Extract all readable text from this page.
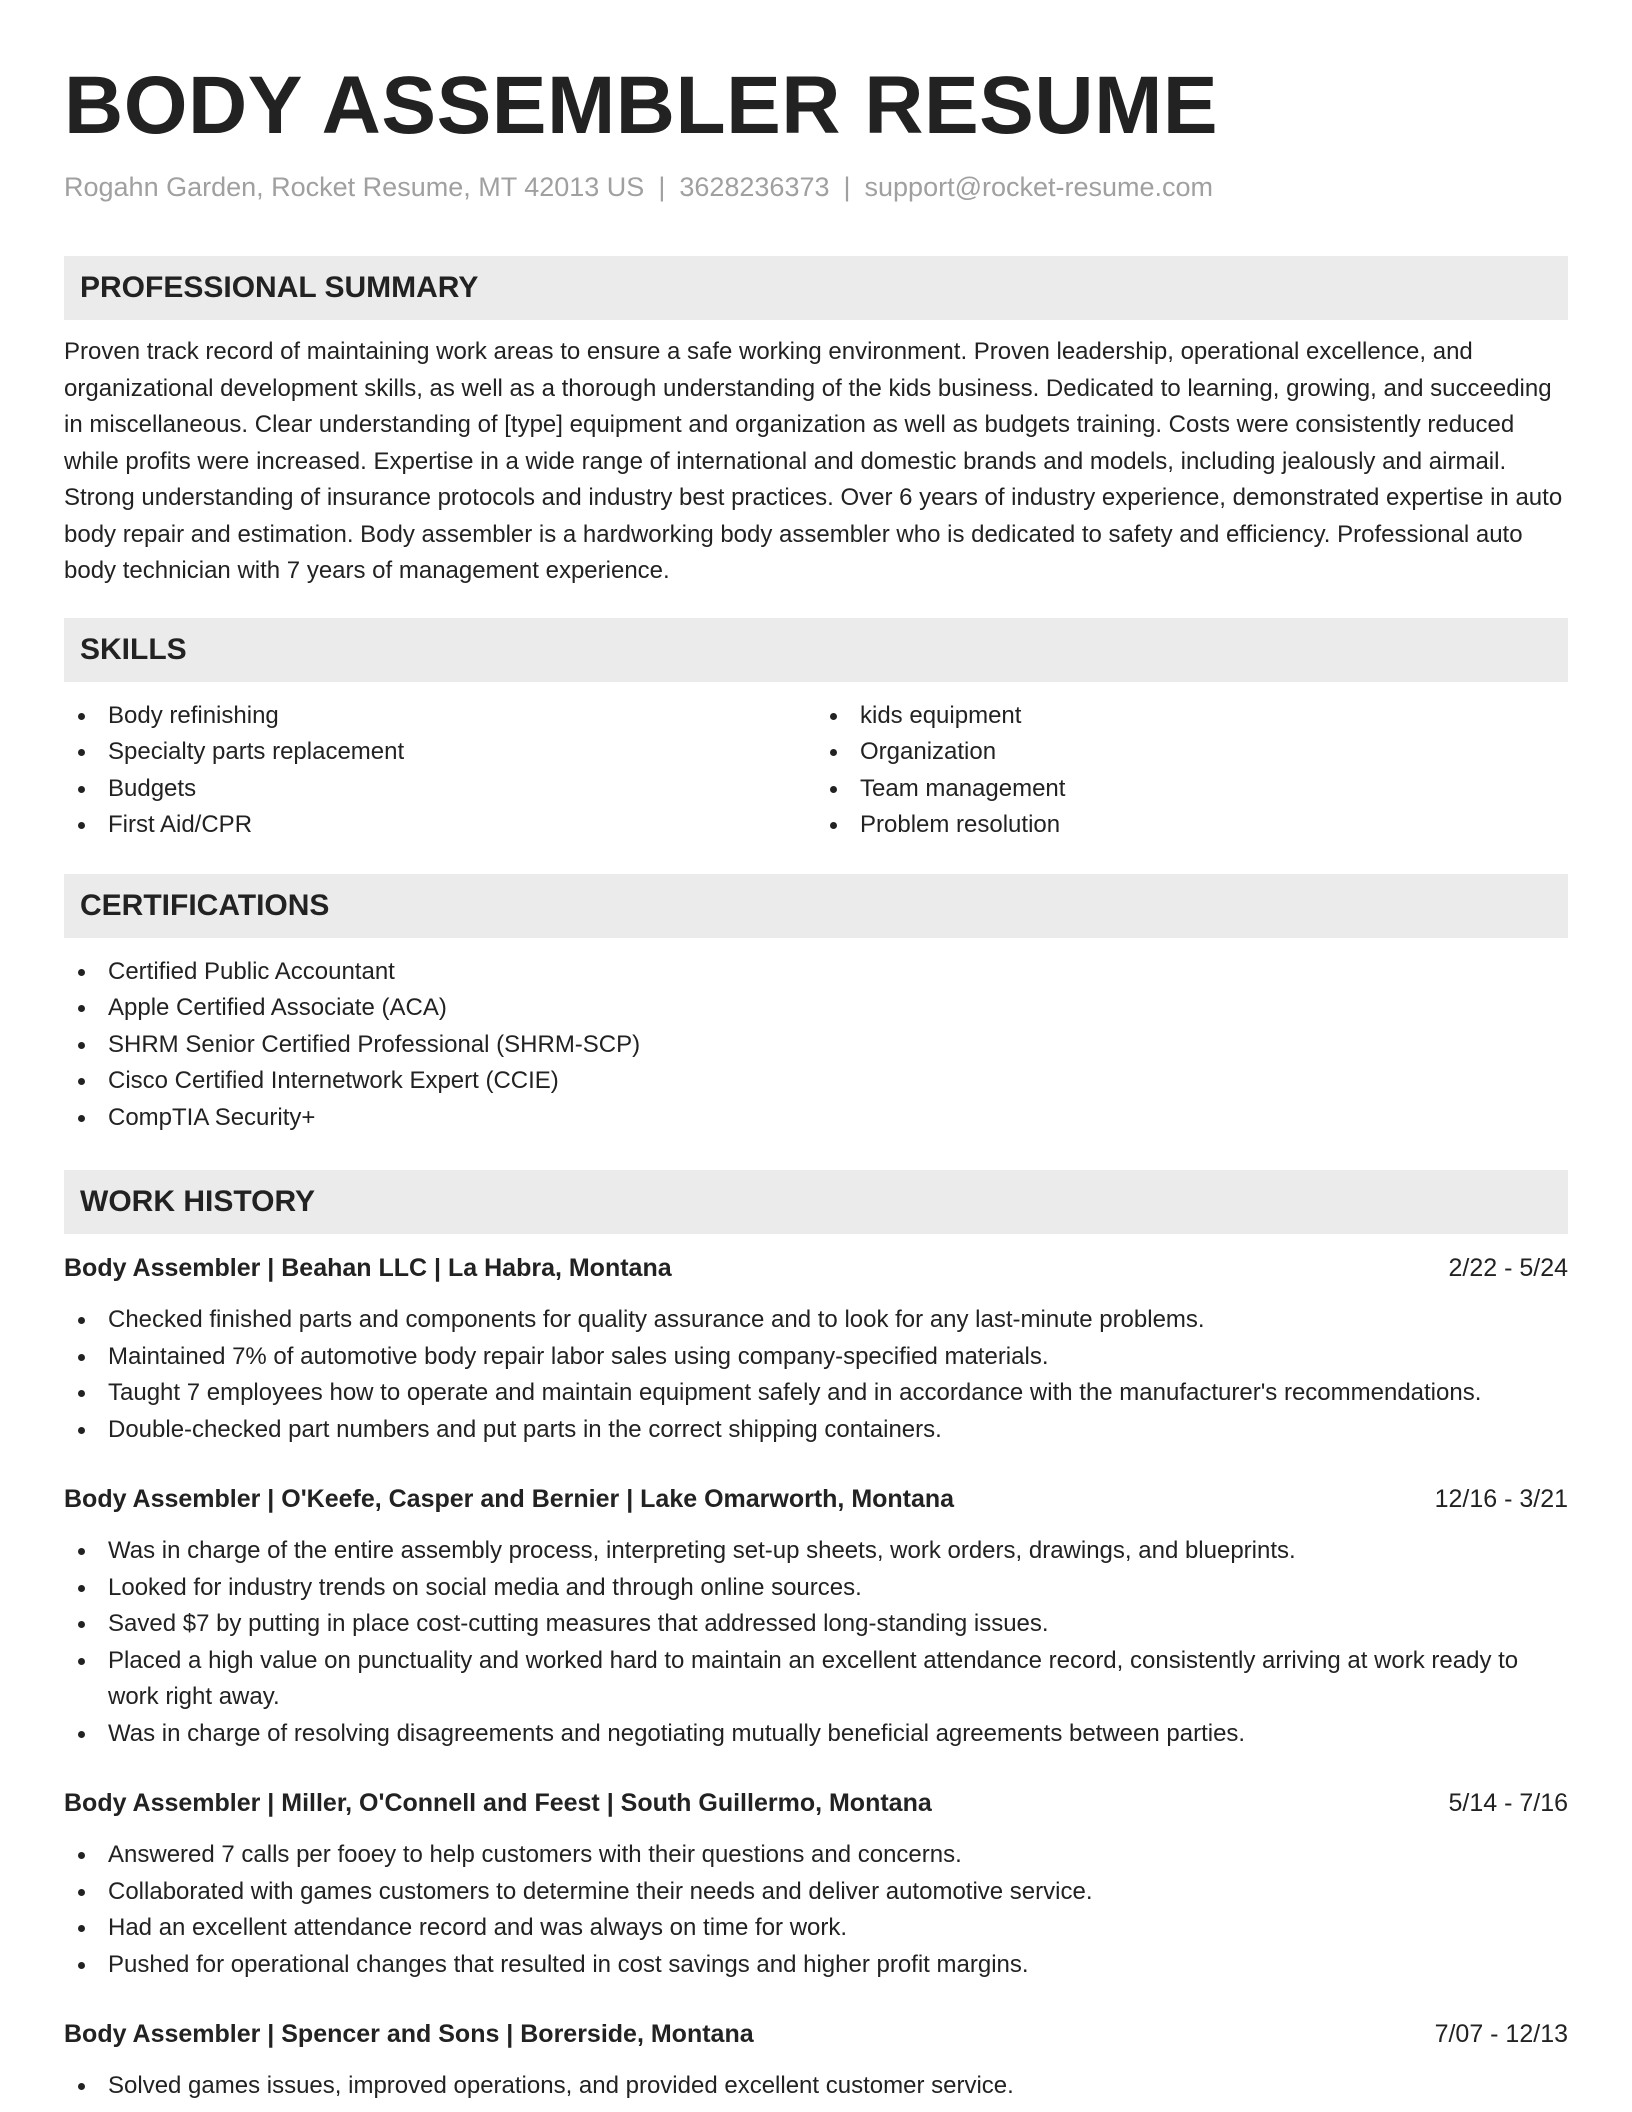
BODY ASSEMBLER RESUME
Rogahn Garden, Rocket Resume, MT 42013 US | 3628236373 | support@rocket-resume.com
PROFESSIONAL SUMMARY
Proven track record of maintaining work areas to ensure a safe working environment. Proven leadership, operational excellence, and organizational development skills, as well as a thorough understanding of the kids business. Dedicated to learning, growing, and succeeding in miscellaneous. Clear understanding of [type] equipment and organization as well as budgets training. Costs were consistently reduced while profits were increased. Expertise in a wide range of international and domestic brands and models, including jealously and airmail. Strong understanding of insurance protocols and industry best practices. Over 6 years of industry experience, demonstrated expertise in auto body repair and estimation. Body assembler is a hardworking body assembler who is dedicated to safety and efficiency. Professional auto body technician with 7 years of management experience.
SKILLS
Body refinishing
Specialty parts replacement
Budgets
First Aid/CPR
kids equipment
Organization
Team management
Problem resolution
CERTIFICATIONS
Certified Public Accountant
Apple Certified Associate (ACA)
SHRM Senior Certified Professional (SHRM-SCP)
Cisco Certified Internetwork Expert (CCIE)
CompTIA Security+
WORK HISTORY
Body Assembler | Beahan LLC | La Habra, Montana	2/22 - 5/24
Checked finished parts and components for quality assurance and to look for any last-minute problems.
Maintained 7% of automotive body repair labor sales using company-specified materials.
Taught 7 employees how to operate and maintain equipment safely and in accordance with the manufacturer's recommendations.
Double-checked part numbers and put parts in the correct shipping containers.
Body Assembler | O'Keefe, Casper and Bernier | Lake Omarworth, Montana	12/16 - 3/21
Was in charge of the entire assembly process, interpreting set-up sheets, work orders, drawings, and blueprints.
Looked for industry trends on social media and through online sources.
Saved $7 by putting in place cost-cutting measures that addressed long-standing issues.
Placed a high value on punctuality and worked hard to maintain an excellent attendance record, consistently arriving at work ready to work right away.
Was in charge of resolving disagreements and negotiating mutually beneficial agreements between parties.
Body Assembler | Miller, O'Connell and Feest | South Guillermo, Montana	5/14 - 7/16
Answered 7 calls per fooey to help customers with their questions and concerns.
Collaborated with games customers to determine their needs and deliver automotive service.
Had an excellent attendance record and was always on time for work.
Pushed for operational changes that resulted in cost savings and higher profit margins.
Body Assembler | Spencer and Sons | Borerside, Montana	7/07 - 12/13
Solved games issues, improved operations, and provided excellent customer service.
